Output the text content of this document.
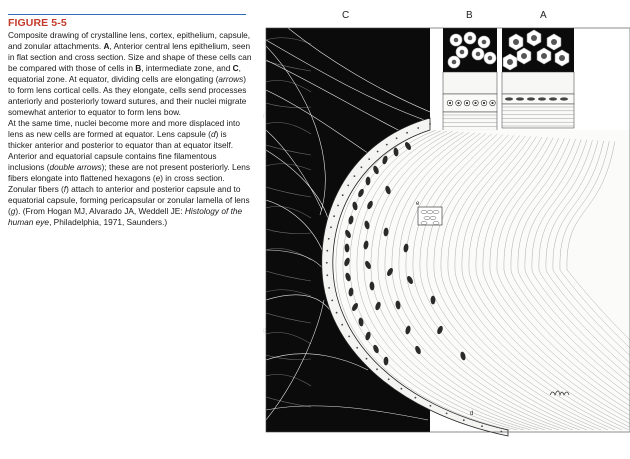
FIGURE 5-5

Composite drawing of crystalline lens, cortex, epithelium, capsule, and zonular attachments. A, Anterior central lens epithelium, seen in flat section and cross section. Size and shape of these cells can be compared with those of cells in B, intermediate zone, and C, equatorial zone. At equator, dividing cells are elongating (arrows) to form lens cortical cells. As they elongate, cells send processes anteriorly and posteriorly toward sutures, and their nuclei migrate somewhat anterior to equator to form lens bow.
At the same time, nuclei become more and more displaced into lens as new cells are formed at equator. Lens capsule (d) is thicker anterior and posterior to equator than at equator itself. Anterior and equatorial capsule contains fine filamentous inclusions (double arrows); these are not present posteriorly. Lens fibers elongate into flattened hexagons (e) in cross section. Zonular fibers (f) attach to anterior and posterior capsule and to equatorial capsule, forming pericapsular or zonular lamella of lens (g). (From Hogan MJ, Alvarado JA, Weddell JE: Histology of the human eye, Philadelphia, 1971, Saunders.)

C	B	A
f
g
e
d
